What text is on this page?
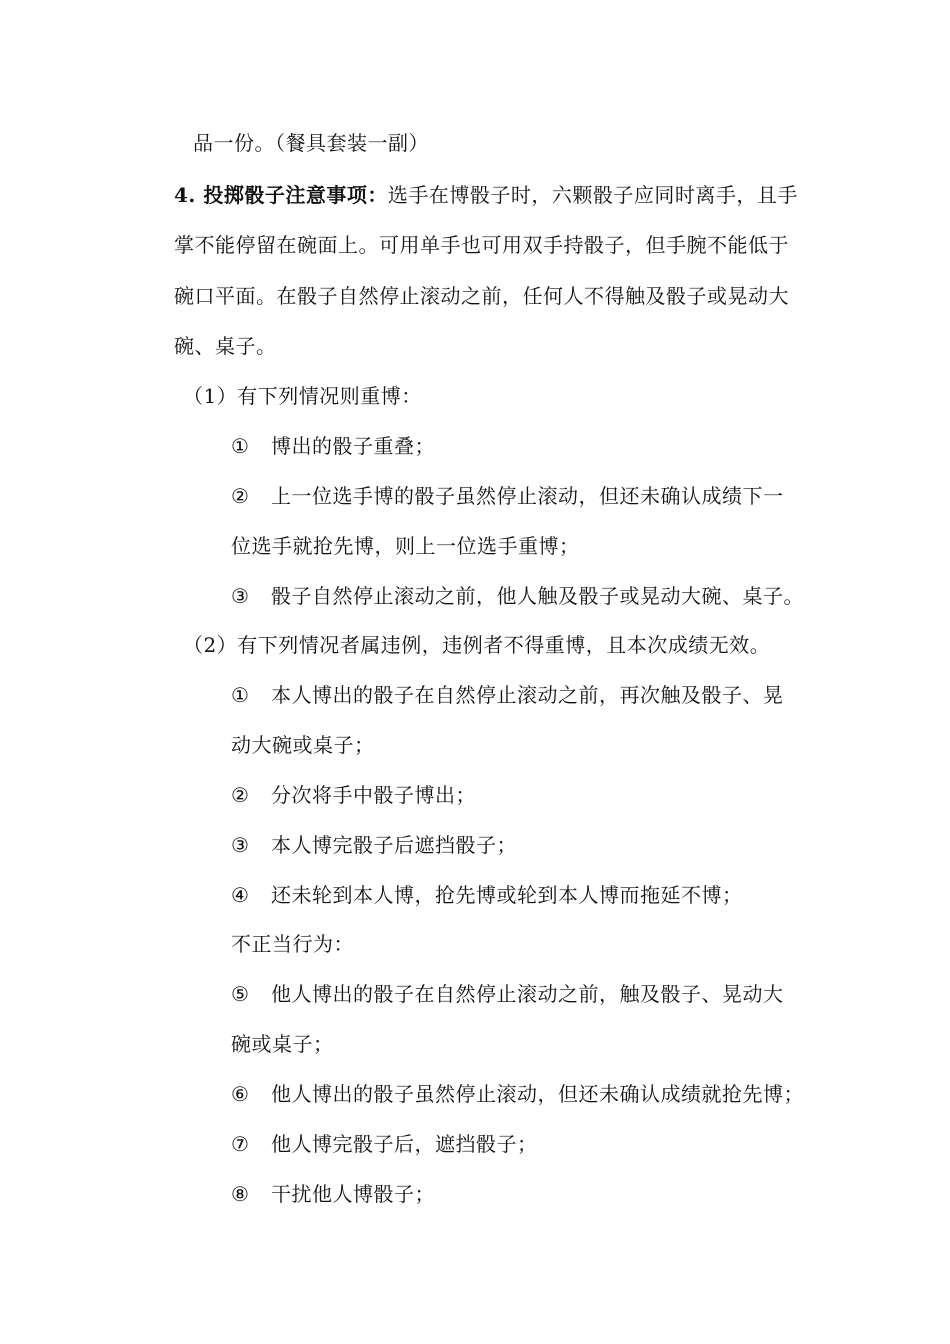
品一份。（餐具套装一副）
4. 投掷骰子注意事项：选手在博骰子时，六颗骰子应同时离手，且手
掌不能停留在碗面上。可用单手也可用双手持骰子，但手腕不能低于
碗口平面。在骰子自然停止滚动之前，任何人不得触及骰子或晃动大
碗、桌子。
（1）有下列情况则重博：
① 博出的骰子重叠；
② 上一位选手博的骰子虽然停止滚动，但还未确认成绩下一
位选手就抢先博，则上一位选手重博；
③ 骰子自然停止滚动之前，他人触及骰子或晃动大碗、桌子。
（2）有下列情况者属违例，违例者不得重博，且本次成绩无效。
① 本人博出的骰子在自然停止滚动之前，再次触及骰子、晃
动大碗或桌子；
② 分次将手中骰子博出；
③ 本人博完骰子后遮挡骰子；
④ 还未轮到本人博，抢先博或轮到本人博而拖延不博；
不正当行为：
⑤ 他人博出的骰子在自然停止滚动之前，触及骰子、晃动大
碗或桌子；
⑥ 他人博出的骰子虽然停止滚动，但还未确认成绩就抢先博；
⑦ 他人博完骰子后，遮挡骰子；
⑧ 干扰他人博骰子；
